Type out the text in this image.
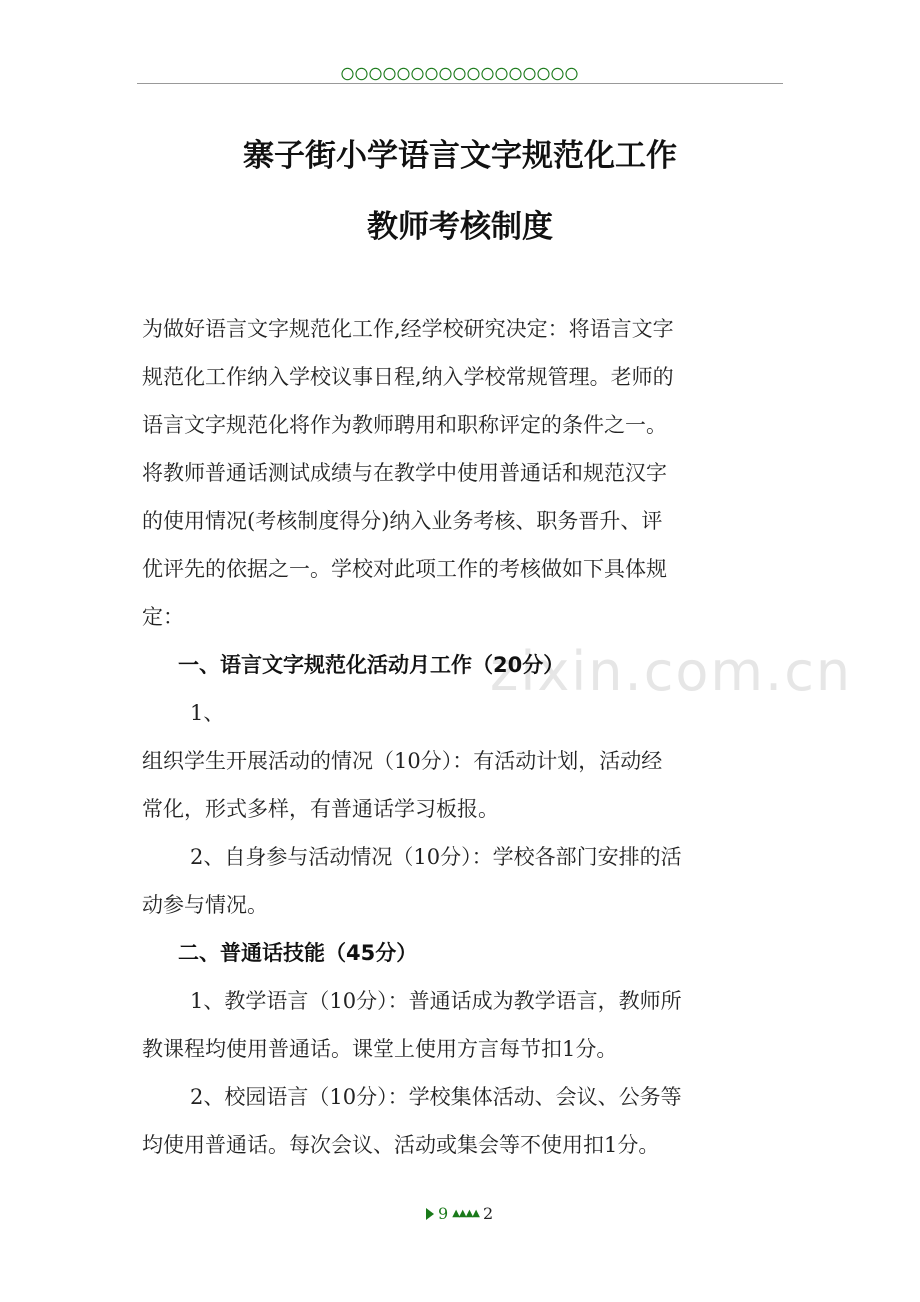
〇〇〇〇〇〇〇〇〇〇〇〇〇〇〇〇〇
寨子街小学语言文字规范化工作
教师考核制度
zixin.com.cn
为做好语言文字规范化工作,经学校研究决定：将语言文字
规范化工作纳入学校议事日程,纳入学校常规管理。老师的
语言文字规范化将作为教师聘用和职称评定的条件之一。
将教师普通话测试成绩与在教学中使用普通话和规范汉字
的使用情况(考核制度得分)纳入业务考核、职务晋升、评
优评先的依据之一。学校对此项工作的考核做如下具体规
定：
一、语言文字规范化活动月工作（20分）
1、
组织学生开展活动的情况（10分）：有活动计划，活动经
常化，形式多样，有普通话学习板报。
2、自身参与活动情况（10分）：学校各部门安排的活
动参与情况。
二、普通话技能（45分）
1、教学语言（10分）：普通话成为教学语言，教师所
教课程均使用普通话。课堂上使用方言每节扣1分。
2、校园语言（10分）：学校集体活动、会议、公务等
均使用普通话。每次会议、活动或集会等不使用扣1分。
9 ▲▲▲▲ 2
